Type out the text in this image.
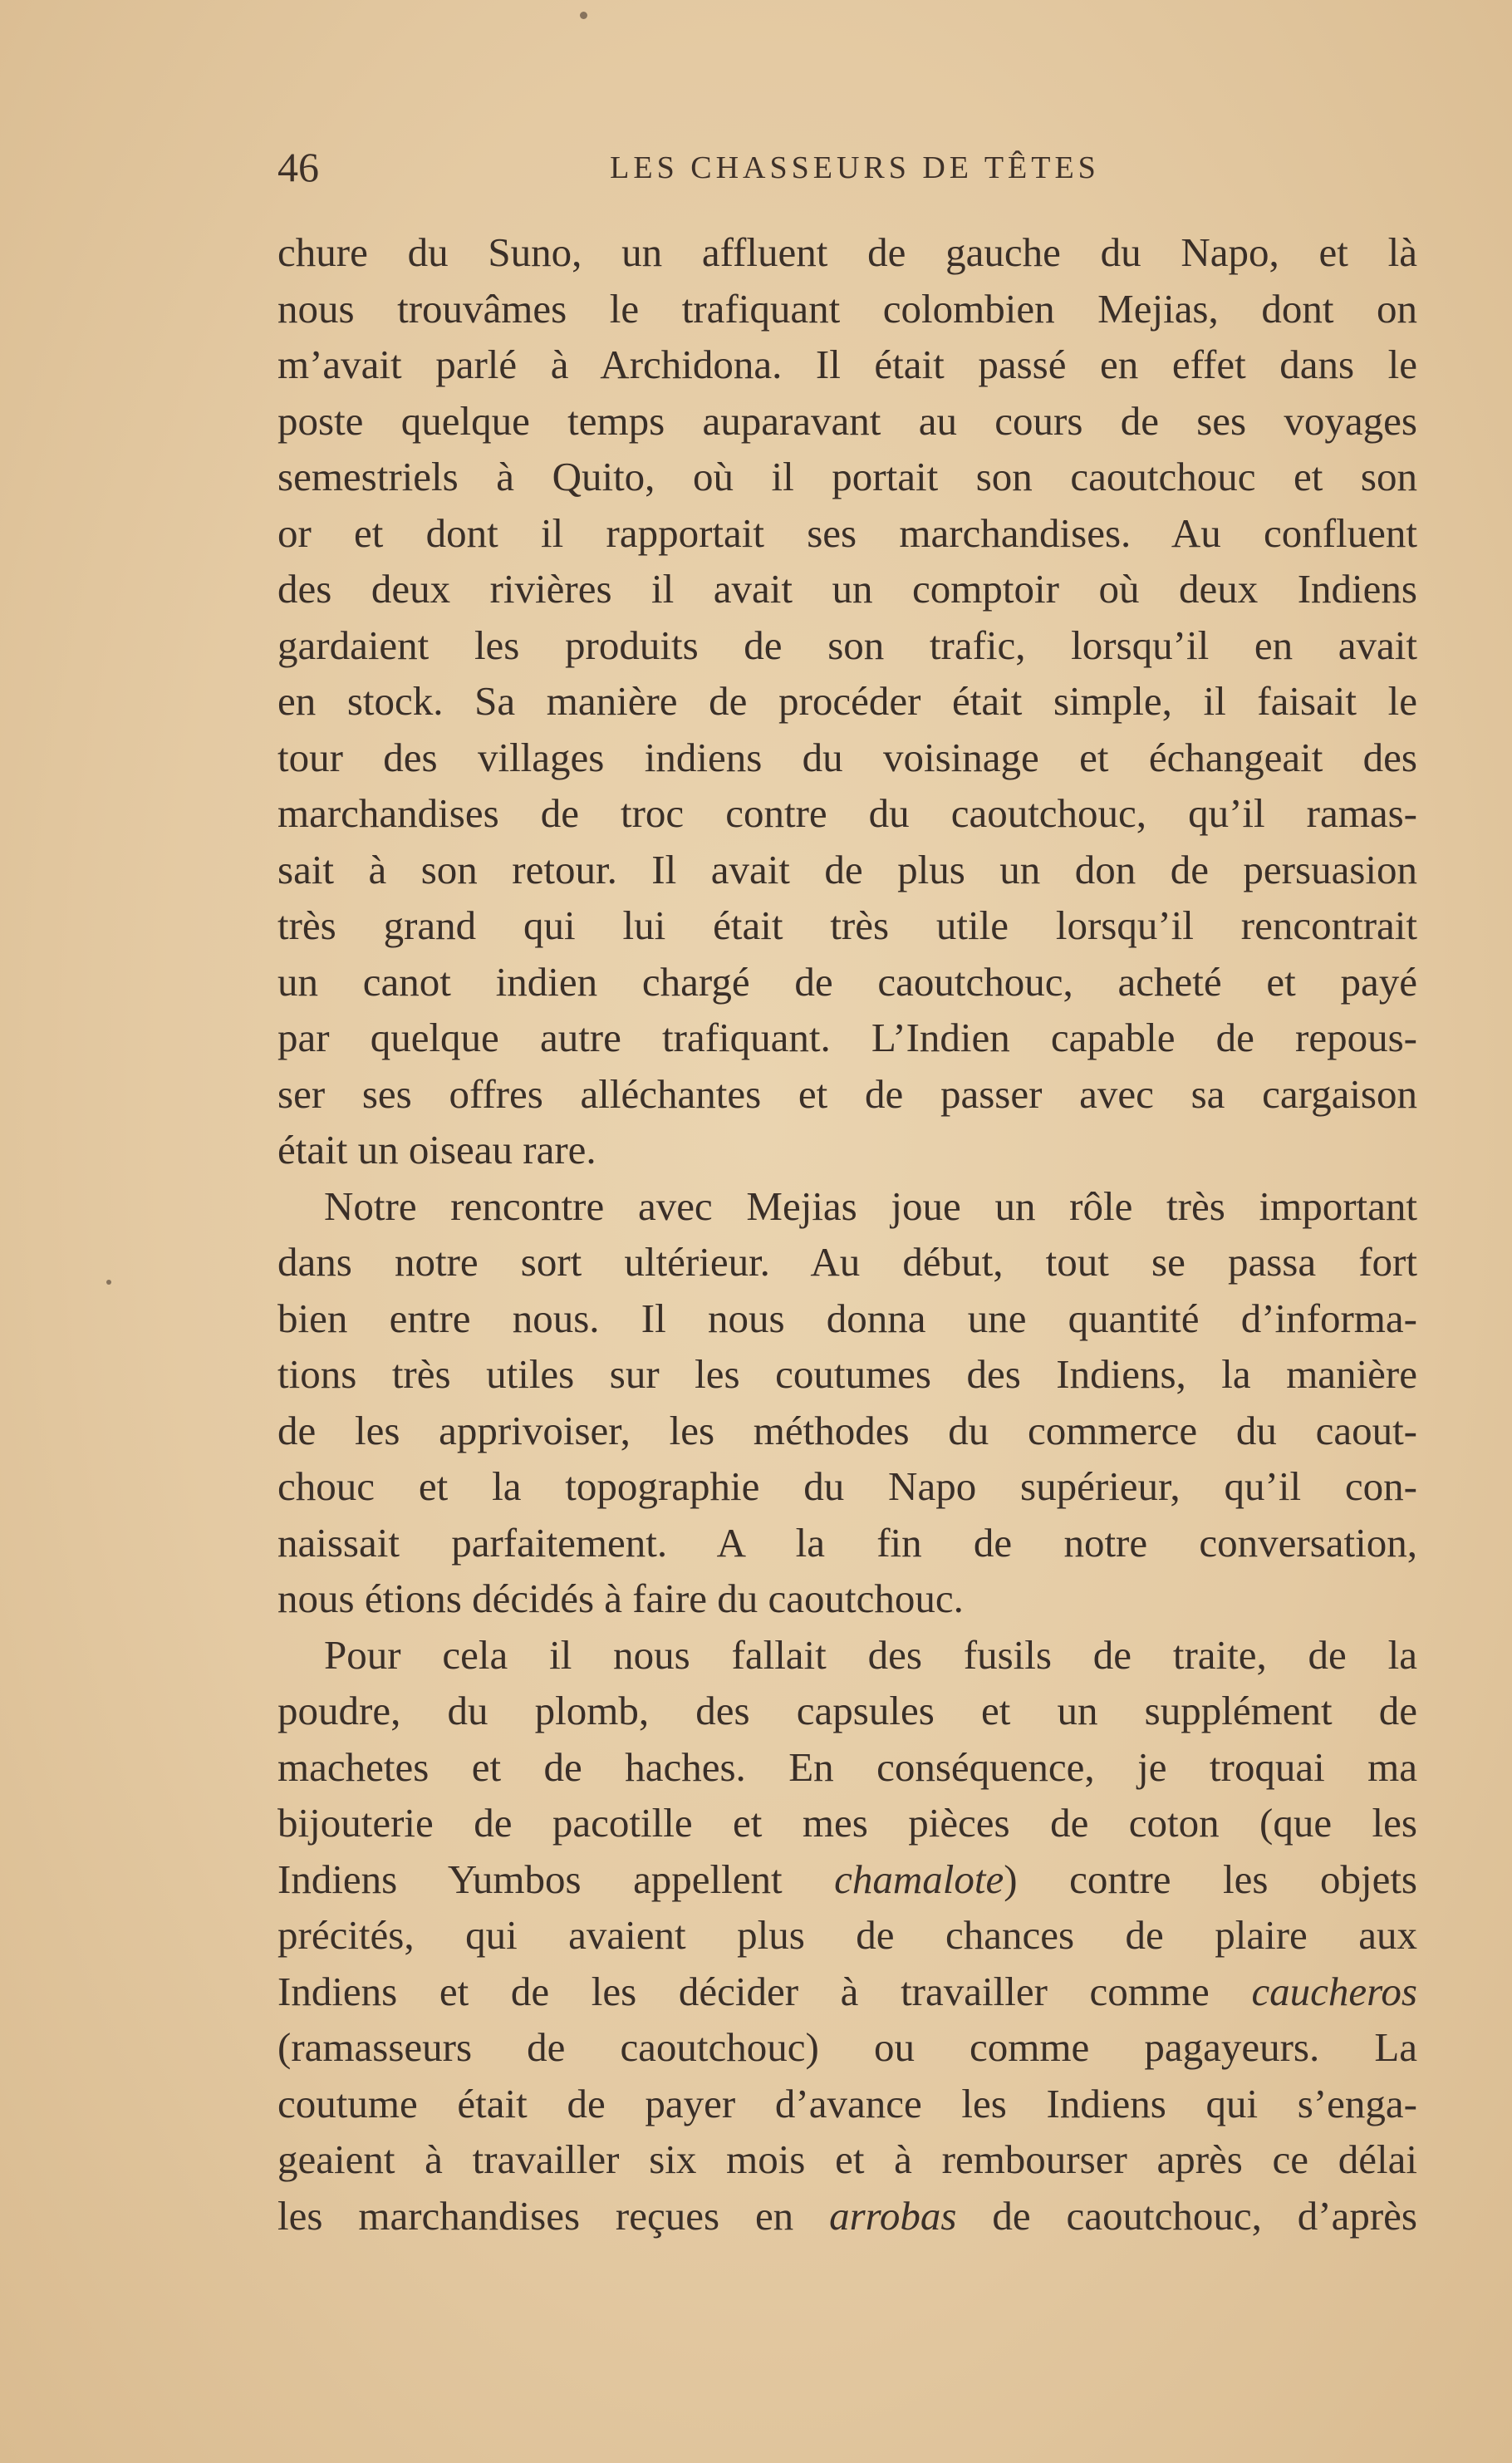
46	LES CHASSEURS DE TÊTES
chure du Suno, un affluent de gauche du Napo, et là
nous trouvâmes le trafiquant colombien Mejias, dont on
m’avait parlé à Archidona. Il était passé en effet dans le
poste quelque temps auparavant au cours de ses voyages
semestriels à Quito, où il portait son caoutchouc et son
or et dont il rapportait ses marchandises. Au confluent
des deux rivières il avait un comptoir où deux Indiens
gardaient les produits de son trafic, lorsqu’il en avait
en stock. Sa manière de procéder était simple, il faisait le
tour des villages indiens du voisinage et échangeait des
marchandises de troc contre du caoutchouc, qu’il ramas-
sait à son retour. Il avait de plus un don de persuasion
très grand qui lui était très utile lorsqu’il rencontrait
un canot indien chargé de caoutchouc, acheté et payé
par quelque autre trafiquant. L’Indien capable de repous-
ser ses offres alléchantes et de passer avec sa cargaison
était un oiseau rare.
Notre rencontre avec Mejias joue un rôle très important
dans notre sort ultérieur. Au début, tout se passa fort
bien entre nous. Il nous donna une quantité d’informa-
tions très utiles sur les coutumes des Indiens, la manière
de les apprivoiser, les méthodes du commerce du caout-
chouc et la topographie du Napo supérieur, qu’il con-
naissait parfaitement. A la fin de notre conversation,
nous étions décidés à faire du caoutchouc.
Pour cela il nous fallait des fusils de traite, de la
poudre, du plomb, des capsules et un supplément de
machetes et de haches. En conséquence, je troquai ma
bijouterie de pacotille et mes pièces de coton (que les
Indiens Yumbos appellent chamalote) contre les objets
précités, qui avaient plus de chances de plaire aux
Indiens et de les décider à travailler comme caucheros
(ramasseurs de caoutchouc) ou comme pagayeurs. La
coutume était de payer d’avance les Indiens qui s’enga-
geaient à travailler six mois et à rembourser après ce délai
les marchandises reçues en arrobas de caoutchouc, d’après
